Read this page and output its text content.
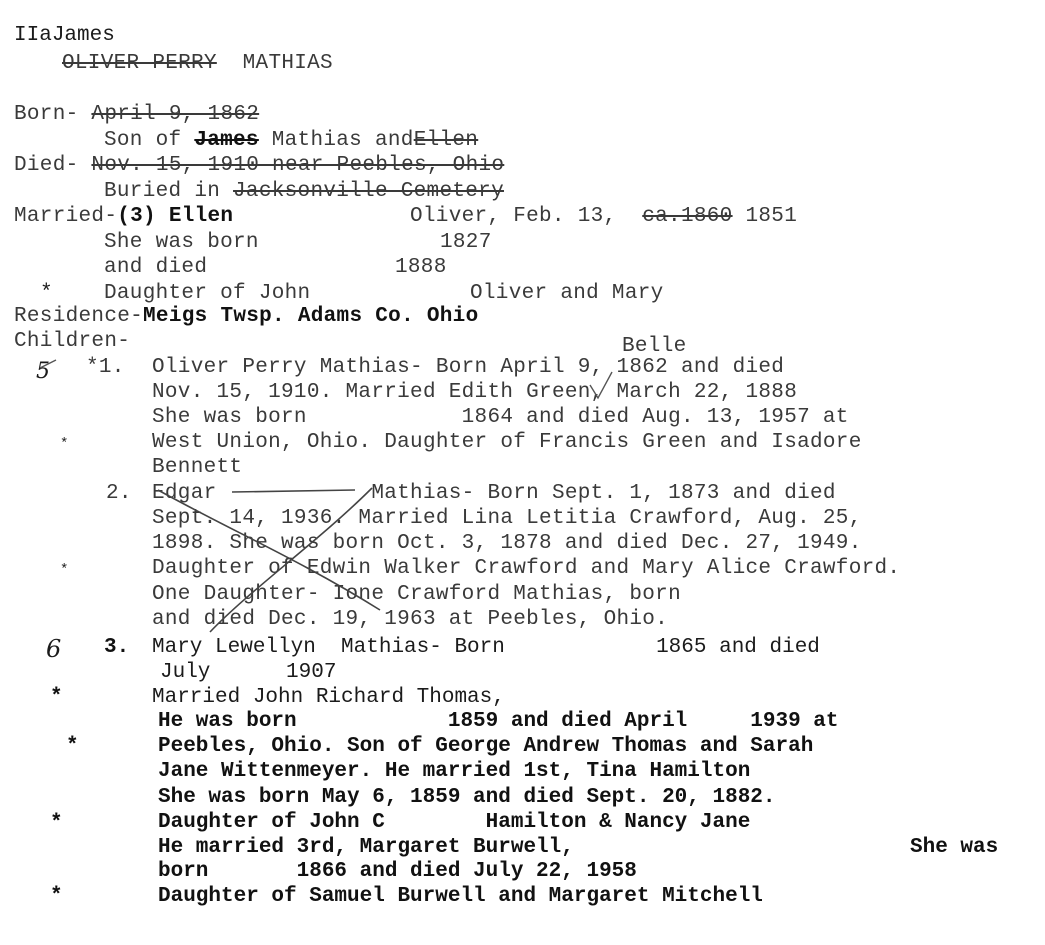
IIaJames
OLIVER PERRY MATHIAS
Born- April 9, 1862
Son of James Mathias andEllen
Died- Nov. 15, 1910 near Peebles, Ohio
Buried in Jacksonville Cemetery
Married-(3) Ellen	Oliver, Feb. 13, ca.1860 1851
She was born	1827
and died	1888
* Daughter of John	Oliver and Mary
Residence-Meigs Twsp. Adams Co. Ohio
Children-	Belle
5 *1. Oliver Perry Mathias- Born April 9, 1862 and died
Nov. 15, 1910. Married Edith Green, March 22, 1888
She was born            1864 and died Aug. 13, 1957 at
*	West Union, Ohio. Daughter of Francis Green and Isadore
Bennett
2. Edgar            Mathias- Born Sept. 1, 1873 and died
Sept. 14, 1936. Married Lina Letitia Crawford, Aug. 25,
1898. She was born Oct. 3, 1878 and died Dec. 27, 1949.
*	Daughter of Edwin Walker Crawford and Mary Alice Crawford.
One Daughter- Ione Crawford Mathias, born
and died Dec. 19, 1963 at Peebles, Ohio.
6 3. Mary Lewellyn  Mathias- Born            1865 and died
July      1907
*	Married John Richard Thomas,
He was born            1859 and died April     1939 at
*	Peebles, Ohio. Son of George Andrew Thomas and Sarah
Jane Wittenmeyer. He married 1st, Tina Hamilton
She was born May 6, 1859 and died Sept. 20, 1882.
*	Daughter of John C        Hamilton & Nancy Jane
He married 3rd, Margaret Burwell,	She was
born       1866 and died July 22, 1958
*	Daughter of Samuel Burwell and Margaret Mitchell
